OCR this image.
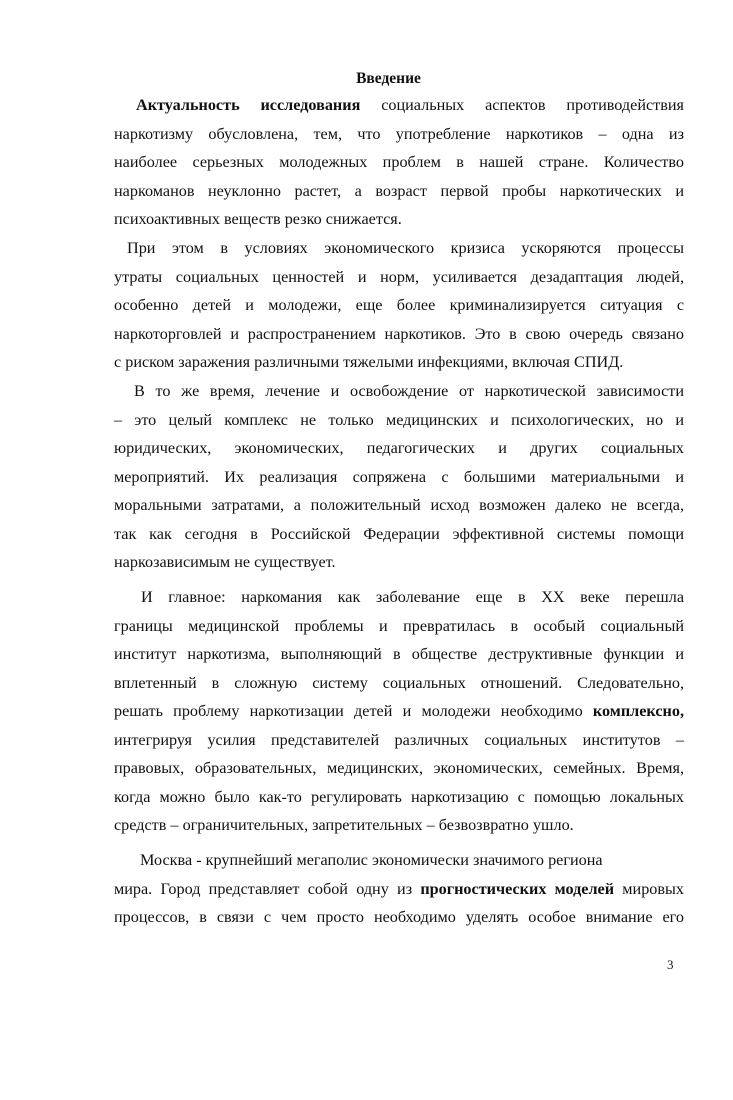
Введение
Актуальность исследования социальных аспектов противодействия
наркотизму обусловлена, тем, что употребление наркотиков – одна из
наиболее серьезных молодежных проблем в нашей стране. Количество
наркоманов неуклонно растет, а возраст первой пробы наркотических и
психоактивных веществ резко снижается.
При этом в условиях экономического кризиса ускоряются процессы
утраты социальных ценностей и норм, усиливается дезадаптация людей,
особенно детей и молодежи, еще более криминализируется ситуация с
наркоторговлей и распространением наркотиков. Это в свою очередь связано
с риском заражения различными тяжелыми инфекциями, включая СПИД.
В то же время, лечение и освобождение от наркотической зависимости
– это целый комплекс не только медицинских и психологических, но и
юридических, экономических, педагогических и других социальных
мероприятий. Их реализация сопряжена с большими материальными и
моральными затратами, а положительный исход возможен далеко не всегда,
так как сегодня в Российской Федерации эффективной системы помощи
наркозависимым не существует.
И главное: наркомания как заболевание еще в XX веке перешла
границы медицинской проблемы и превратилась в особый социальный
институт наркотизма, выполняющий в обществе деструктивные функции и
вплетенный в сложную систему социальных отношений. Следовательно,
решать проблему наркотизации детей и молодежи необходимо комплексно,
интегрируя усилия представителей различных социальных институтов –
правовых, образовательных, медицинских, экономических, семейных. Время,
когда можно было как-то регулировать наркотизацию с помощью локальных
средств – ограничительных, запретительных – безвозвратно ушло.
Москва - крупнейший мегаполис экономически значимого региона
мира. Город представляет собой одну из прогностических моделей мировых
процессов, в связи с чем просто необходимо уделять особое внимание его
3
